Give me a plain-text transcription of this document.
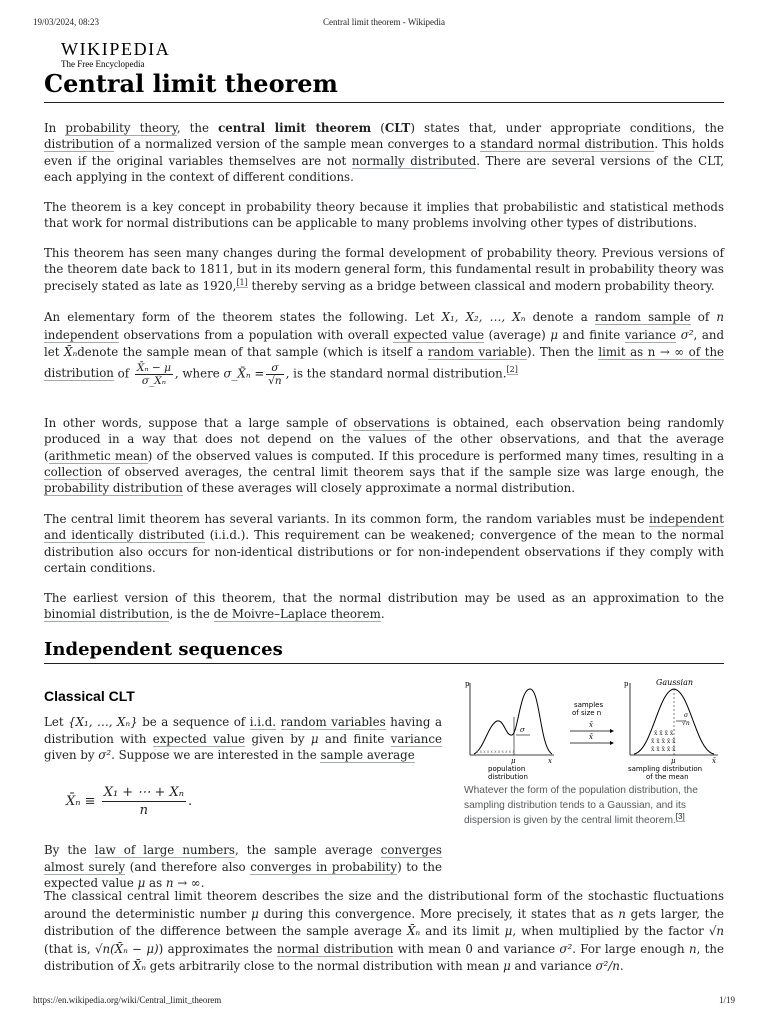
19/03/2024, 08:23	Central limit theorem - Wikipedia
WIKIPEDIA
The Free Encyclopedia
Central limit theorem

In probability theory, the central limit theorem (CLT) states that, under appropriate conditions, the distribution of a normalized version of the sample mean converges to a standard normal distribution. This holds even if the original variables themselves are not normally distributed. There are several versions of the CLT, each applying in the context of different conditions.

The theorem is a key concept in probability theory because it implies that probabilistic and statistical methods that work for normal distributions can be applicable to many problems involving other types of distributions.

This theorem has seen many changes during the formal development of probability theory. Previous versions of the theorem date back to 1811, but in its modern general form, this fundamental result in probability theory was precisely stated as late as 1920,[1] thereby serving as a bridge between classical and modern probability theory.

An elementary form of the theorem states the following. Let X₁, X₂, …, Xₙ denote a random sample of n independent observations from a population with overall expected value (average) μ and finite variance σ², and let X̄ₙdenote the sample mean of that sample (which is itself a random variable). Then the limit as n → ∞ of the distribution of $\frac{\text{X̄ₙ − μ}}{\text{σ\_X̄ₙ}}$ , where σ_X̄ₙ = $\frac{\sigma}{√n}$ , is the standard normal distribution.[2]

In other words, suppose that a large sample of observations is obtained, each observation being randomly produced in a way that does not depend on the values of the other observations, and that the average (arithmetic mean) of the observed values is computed. If this procedure is performed many times, resulting in a collection of observed averages, the central limit theorem says that if the sample size was large enough, the probability distribution of these averages will closely approximate a normal distribution.

The central limit theorem has several variants. In its common form, the random variables must be independent and identically distributed (i.i.d.). This requirement can be weakened; convergence of the mean to the normal distribution also occurs for non-identical distributions or for non-independent observations if they comply with certain conditions.

The earliest version of this theorem, that the normal distribution may be used as an approximation to the binomial distribution, is the de Moivre–Laplace theorem.

Independent sequences
Classical CLT

Let {X₁, …, Xₙ} be a sequence of i.i.d. random variables having a distribution with expected value given by μ and finite variance given by σ². Suppose we are interested in the sample average

X̄ₙ ≡ $\frac{\text{X₁ + ⋯ + Xₙ}}{n}$ .

By the law of large numbers, the sample average converges almost surely (and therefore also converges in probability) to the expected value μ as n → ∞.

The classical central limit theorem describes the size and the distributional form of the stochastic fluctuations around the deterministic number μ during this convergence. More precisely, it states that as n gets larger, the distribution of the difference between the sample average X̄ₙ and its limit μ, when multiplied by the factor √n (that is, √n(X̄ₙ − μ)) approximates the normal distribution with mean 0 and variance σ². For large enough n, the distribution of X̄ₙ gets arbitrarily close to the normal distribution with mean μ and variance σ²/n.

p
x
μ
σ
x x x x x x x x x x x
population
distribution
samples
of size n
x̄
x̄
p	Gaussian
x̄
μ
σ
√n
x̄ x̄ x̄ x̄
x̄ x̄ x̄ x̄ x̄
x̄ x̄ x̄ x̄ x̄
sampling distribution
of the mean

Whatever the form of the population distribution, the sampling distribution tends to a Gaussian, and its dispersion is given by the central limit theorem.[3]

https://en.wikipedia.org/wiki/Central_limit_theorem	1/19
